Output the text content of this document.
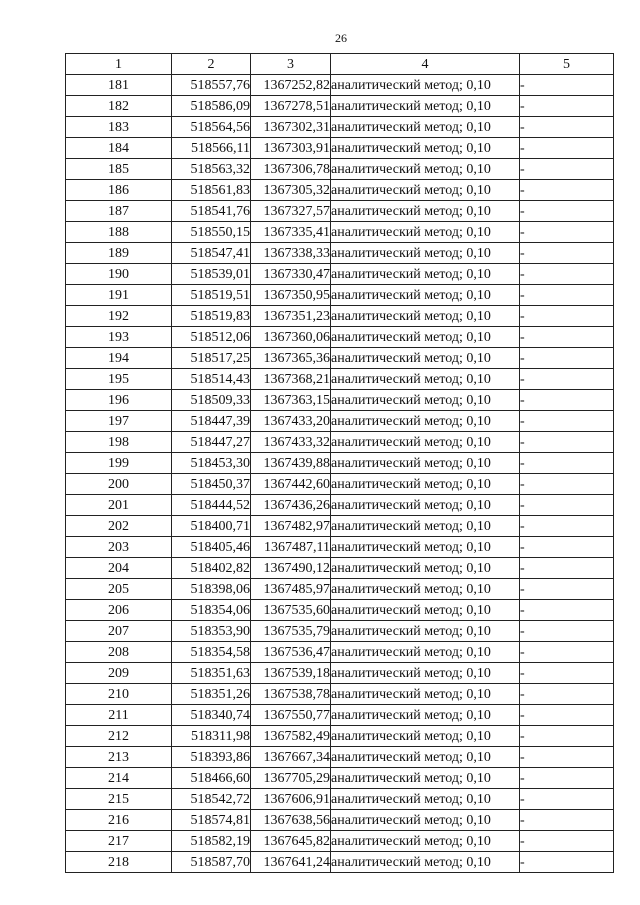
26
1	2	3	4	5
181	518557,76	1367252,82	аналитический метод; 0,10	-
182	518586,09	1367278,51	аналитический метод; 0,10	-
183	518564,56	1367302,31	аналитический метод; 0,10	-
184	518566,11	1367303,91	аналитический метод; 0,10	-
185	518563,32	1367306,78	аналитический метод; 0,10	-
186	518561,83	1367305,32	аналитический метод; 0,10	-
187	518541,76	1367327,57	аналитический метод; 0,10	-
188	518550,15	1367335,41	аналитический метод; 0,10	-
189	518547,41	1367338,33	аналитический метод; 0,10	-
190	518539,01	1367330,47	аналитический метод; 0,10	-
191	518519,51	1367350,95	аналитический метод; 0,10	-
192	518519,83	1367351,23	аналитический метод; 0,10	-
193	518512,06	1367360,06	аналитический метод; 0,10	-
194	518517,25	1367365,36	аналитический метод; 0,10	-
195	518514,43	1367368,21	аналитический метод; 0,10	-
196	518509,33	1367363,15	аналитический метод; 0,10	-
197	518447,39	1367433,20	аналитический метод; 0,10	-
198	518447,27	1367433,32	аналитический метод; 0,10	-
199	518453,30	1367439,88	аналитический метод; 0,10	-
200	518450,37	1367442,60	аналитический метод; 0,10	-
201	518444,52	1367436,26	аналитический метод; 0,10	-
202	518400,71	1367482,97	аналитический метод; 0,10	-
203	518405,46	1367487,11	аналитический метод; 0,10	-
204	518402,82	1367490,12	аналитический метод; 0,10	-
205	518398,06	1367485,97	аналитический метод; 0,10	-
206	518354,06	1367535,60	аналитический метод; 0,10	-
207	518353,90	1367535,79	аналитический метод; 0,10	-
208	518354,58	1367536,47	аналитический метод; 0,10	-
209	518351,63	1367539,18	аналитический метод; 0,10	-
210	518351,26	1367538,78	аналитический метод; 0,10	-
211	518340,74	1367550,77	аналитический метод; 0,10	-
212	518311,98	1367582,49	аналитический метод; 0,10	-
213	518393,86	1367667,34	аналитический метод; 0,10	-
214	518466,60	1367705,29	аналитический метод; 0,10	-
215	518542,72	1367606,91	аналитический метод; 0,10	-
216	518574,81	1367638,56	аналитический метод; 0,10	-
217	518582,19	1367645,82	аналитический метод; 0,10	-
218	518587,70	1367641,24	аналитический метод; 0,10	-
